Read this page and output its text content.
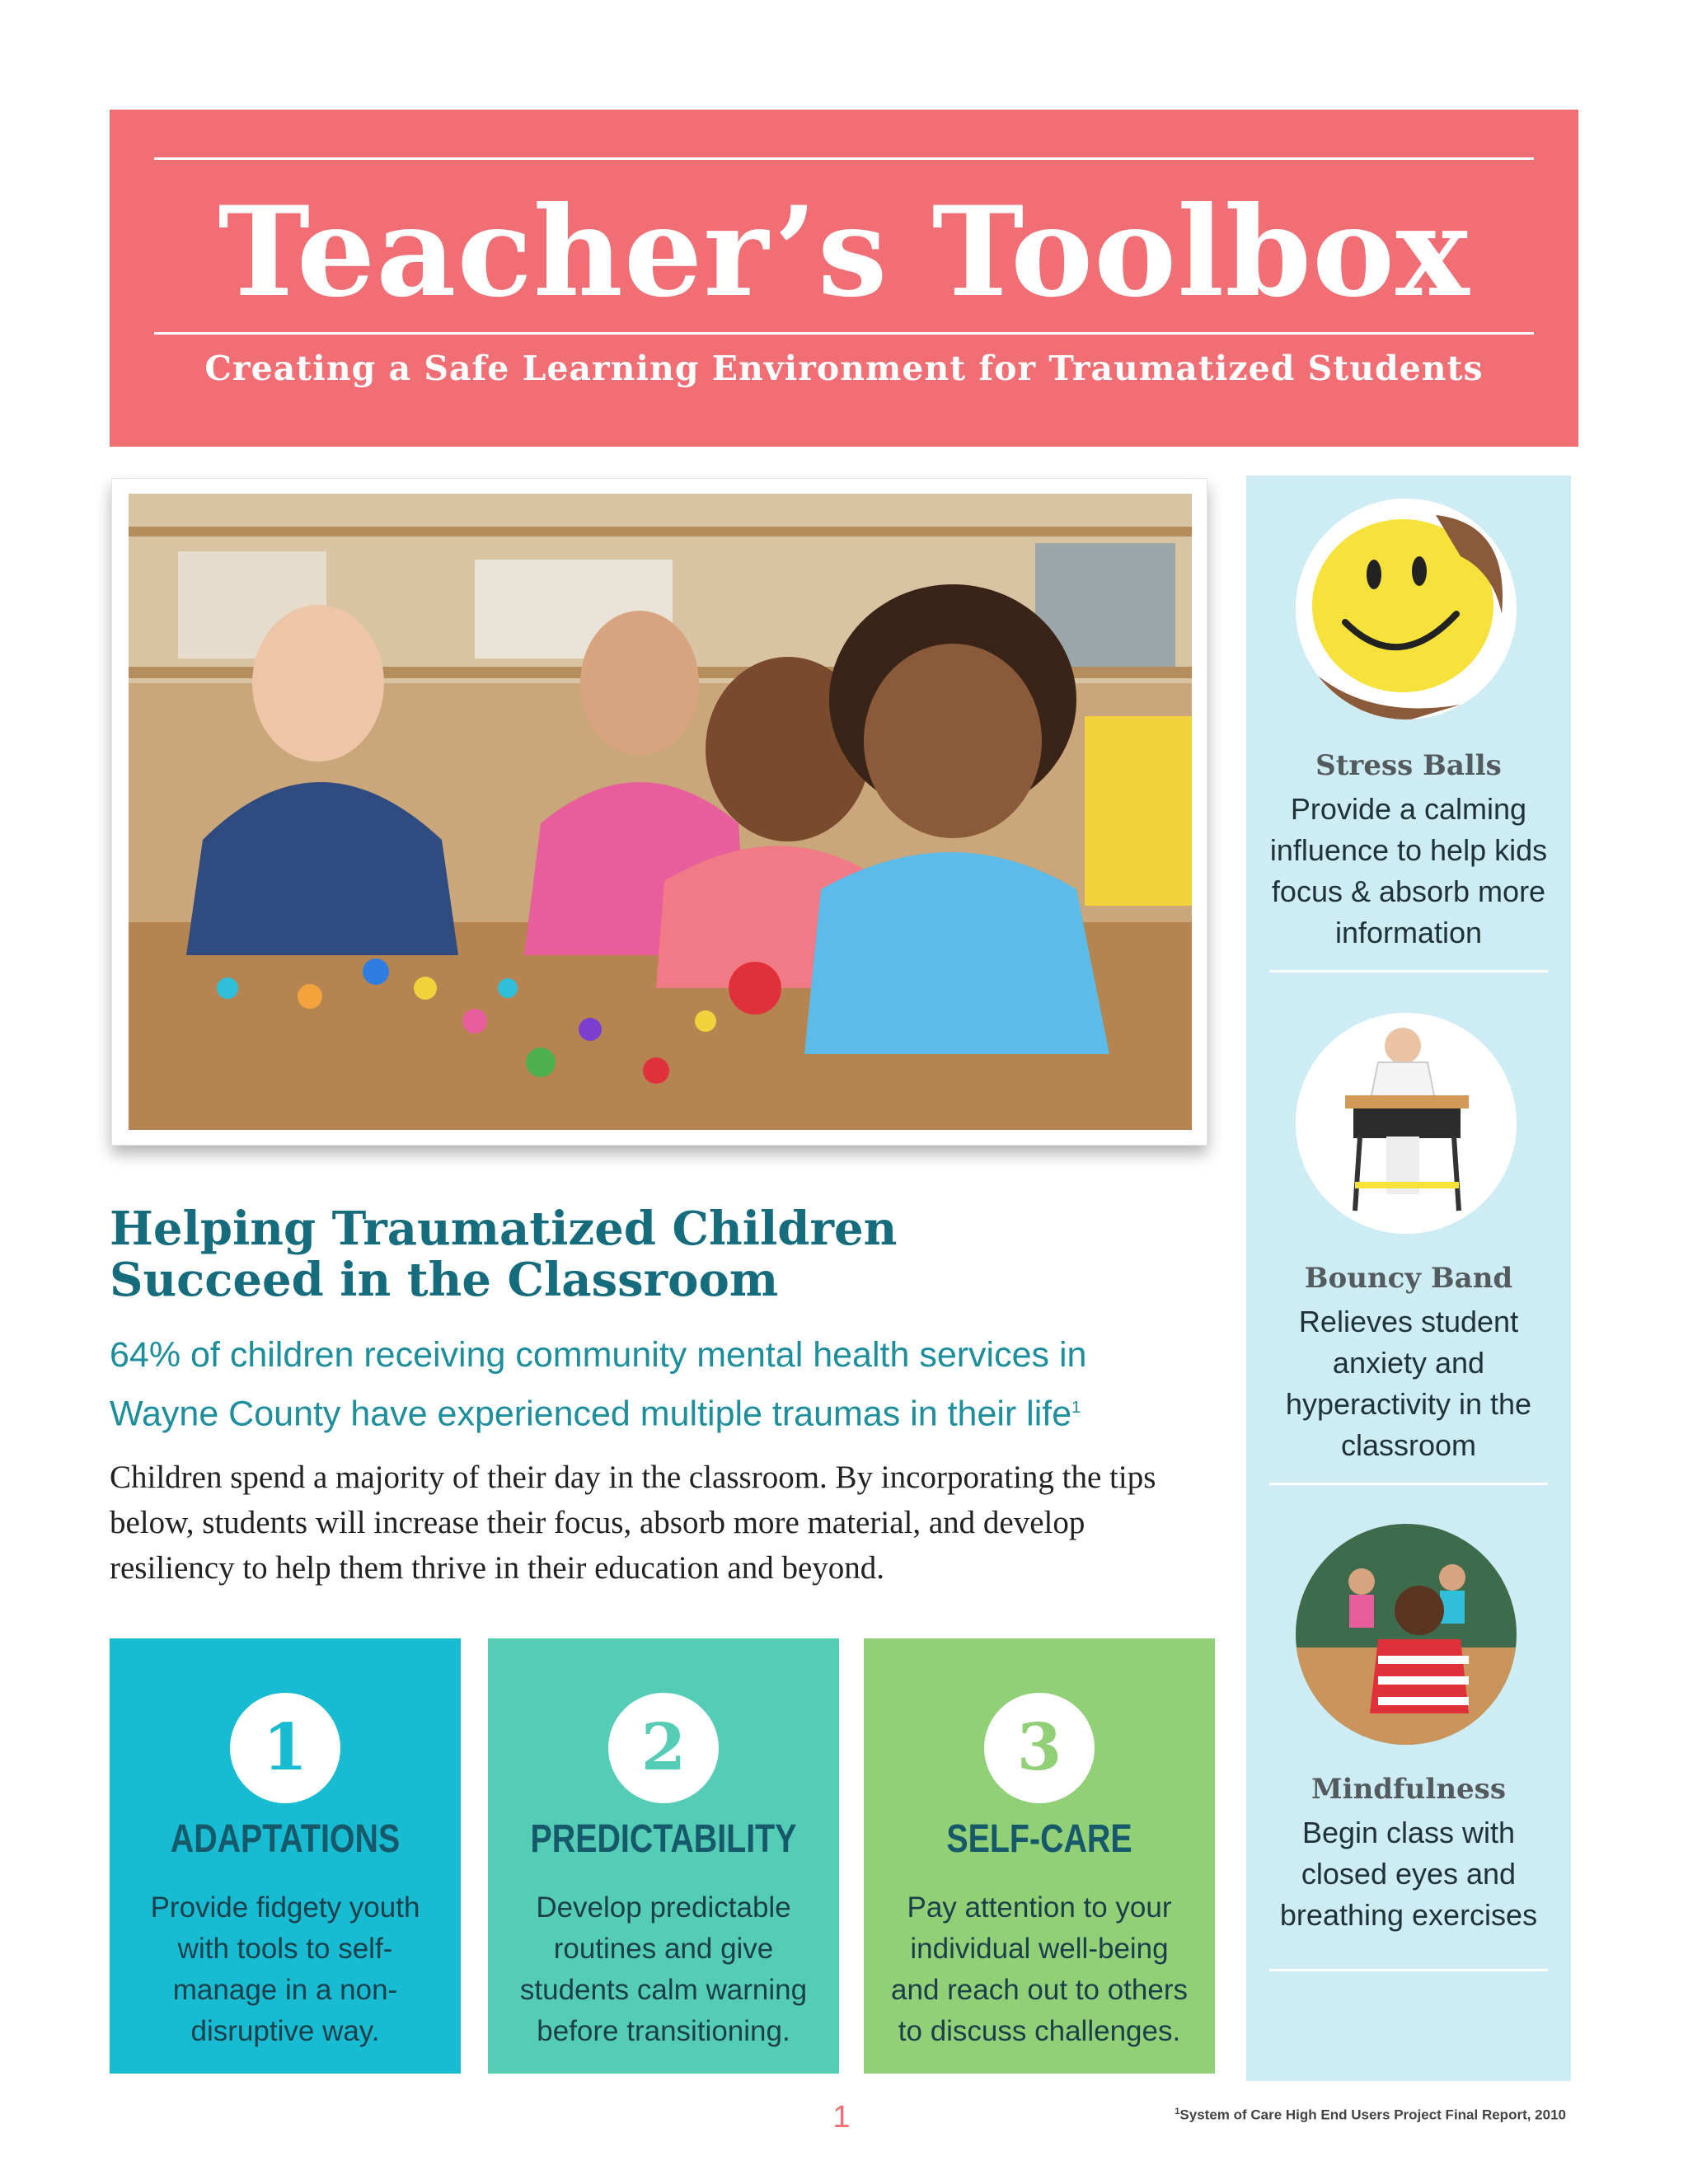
Teacher’s Toolbox
Creating a Safe Learning Environment for Traumatized Students
Helping Traumatized Children
Succeed in the Classroom
64% of children receiving community mental health services in
Wayne County have experienced multiple traumas in their life$^1$
Children spend a majority of their day in the classroom. By incorporating the tips below, students will increase their focus, absorb more material, and develop resiliency to help them thrive in their education and beyond.
1
ADAPTATIONS
Provide fidgety youth with tools to self-manage in a non-disruptive way.
2
PREDICTABILITY
Develop predictable routines and give students calm warning before transitioning.
3
SELF-CARE
Pay attention to your individual well-being and reach out to others to discuss challenges.
Stress Balls
Provide a calming influence to help kids focus & absorb more information
Bouncy Band
Relieves student anxiety and hyperactivity in the classroom
Mindfulness
Begin class with closed eyes and breathing exercises
1	$^1$System of Care High End Users Project Final Report, 2010
